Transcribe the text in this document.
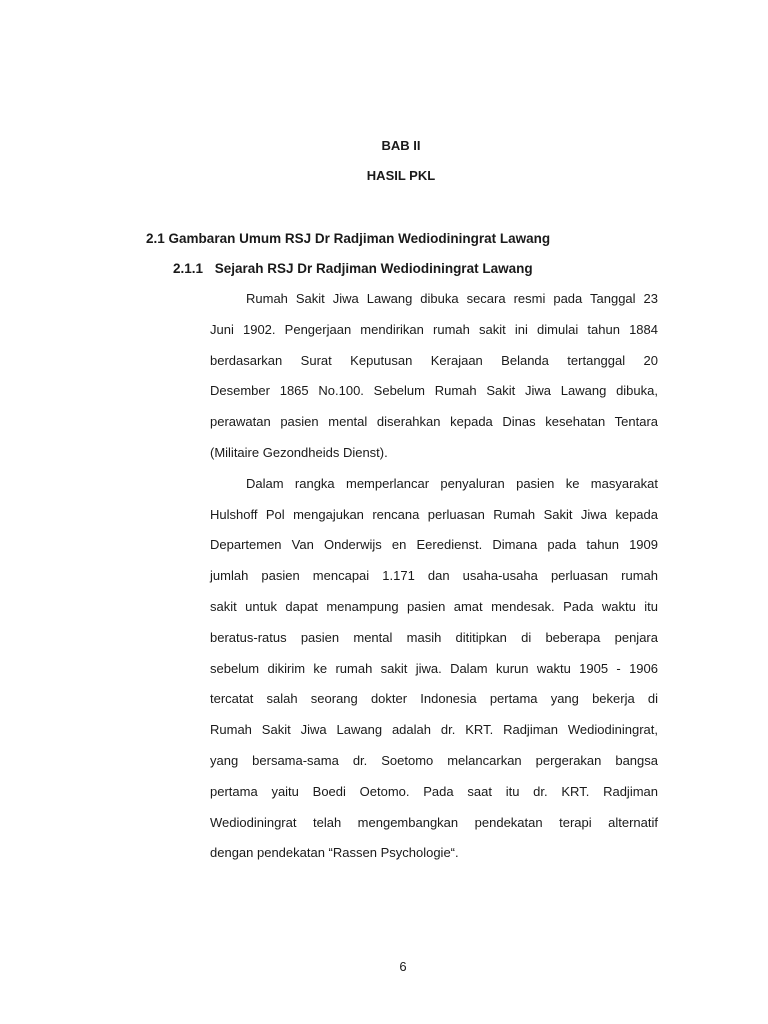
BAB II
HASIL PKL
2.1 Gambaran Umum RSJ Dr Radjiman Wediodiningrat Lawang
2.1.1 Sejarah RSJ Dr Radjiman Wediodiningrat Lawang
Rumah Sakit Jiwa Lawang dibuka secara resmi pada Tanggal 23
Juni 1902. Pengerjaan mendirikan rumah sakit ini dimulai tahun 1884
berdasarkan Surat Keputusan Kerajaan Belanda tertanggal 20
Desember 1865 No.100. Sebelum Rumah Sakit Jiwa Lawang dibuka,
perawatan pasien mental diserahkan kepada Dinas kesehatan Tentara
(Militaire Gezondheids Dienst).
Dalam rangka memperlancar penyaluran pasien ke masyarakat
Hulshoff Pol mengajukan rencana perluasan Rumah Sakit Jiwa kepada
Departemen Van Onderwijs en Eeredienst. Dimana pada tahun 1909
jumlah pasien mencapai 1.171 dan usaha-usaha perluasan rumah
sakit untuk dapat menampung pasien amat mendesak. Pada waktu itu
beratus-ratus pasien mental masih dititipkan di beberapa penjara
sebelum dikirim ke rumah sakit jiwa. Dalam kurun waktu 1905 - 1906
tercatat salah seorang dokter Indonesia pertama yang bekerja di
Rumah Sakit Jiwa Lawang adalah dr. KRT. Radjiman Wediodiningrat,
yang bersama-sama dr. Soetomo melancarkan pergerakan bangsa
pertama yaitu Boedi Oetomo. Pada saat itu dr. KRT. Radjiman
Wediodiningrat telah mengembangkan pendekatan terapi alternatif
dengan pendekatan “Rassen Psychologie“.

6
